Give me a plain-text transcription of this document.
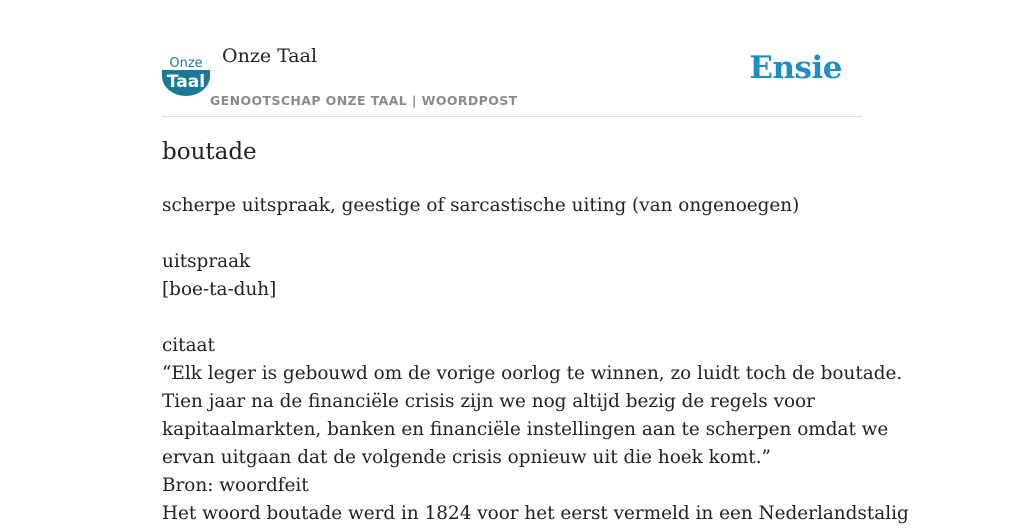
Onze
Taal
Onze Taal
GENOOTSCHAP ONZE TAAL | WOORDPOST
Ensie
boutade

scherpe uitspraak, geestige of sarcastische uiting (van ongenoegen)

uitspraak

[boe-ta-duh]

citaat

“Elk leger is gebouwd om de vorige oorlog te winnen, zo luidt toch de boutade.

Tien jaar na de financiële crisis zijn we nog altijd bezig de regels voor

kapitaalmarkten, banken en financiële instellingen aan te scherpen omdat we

ervan uitgaan dat de volgende crisis opnieuw uit die hoek komt.”

Bron: woordfeit

Het woord boutade werd in 1824 voor het eerst vermeld in een Nederlandstalig
